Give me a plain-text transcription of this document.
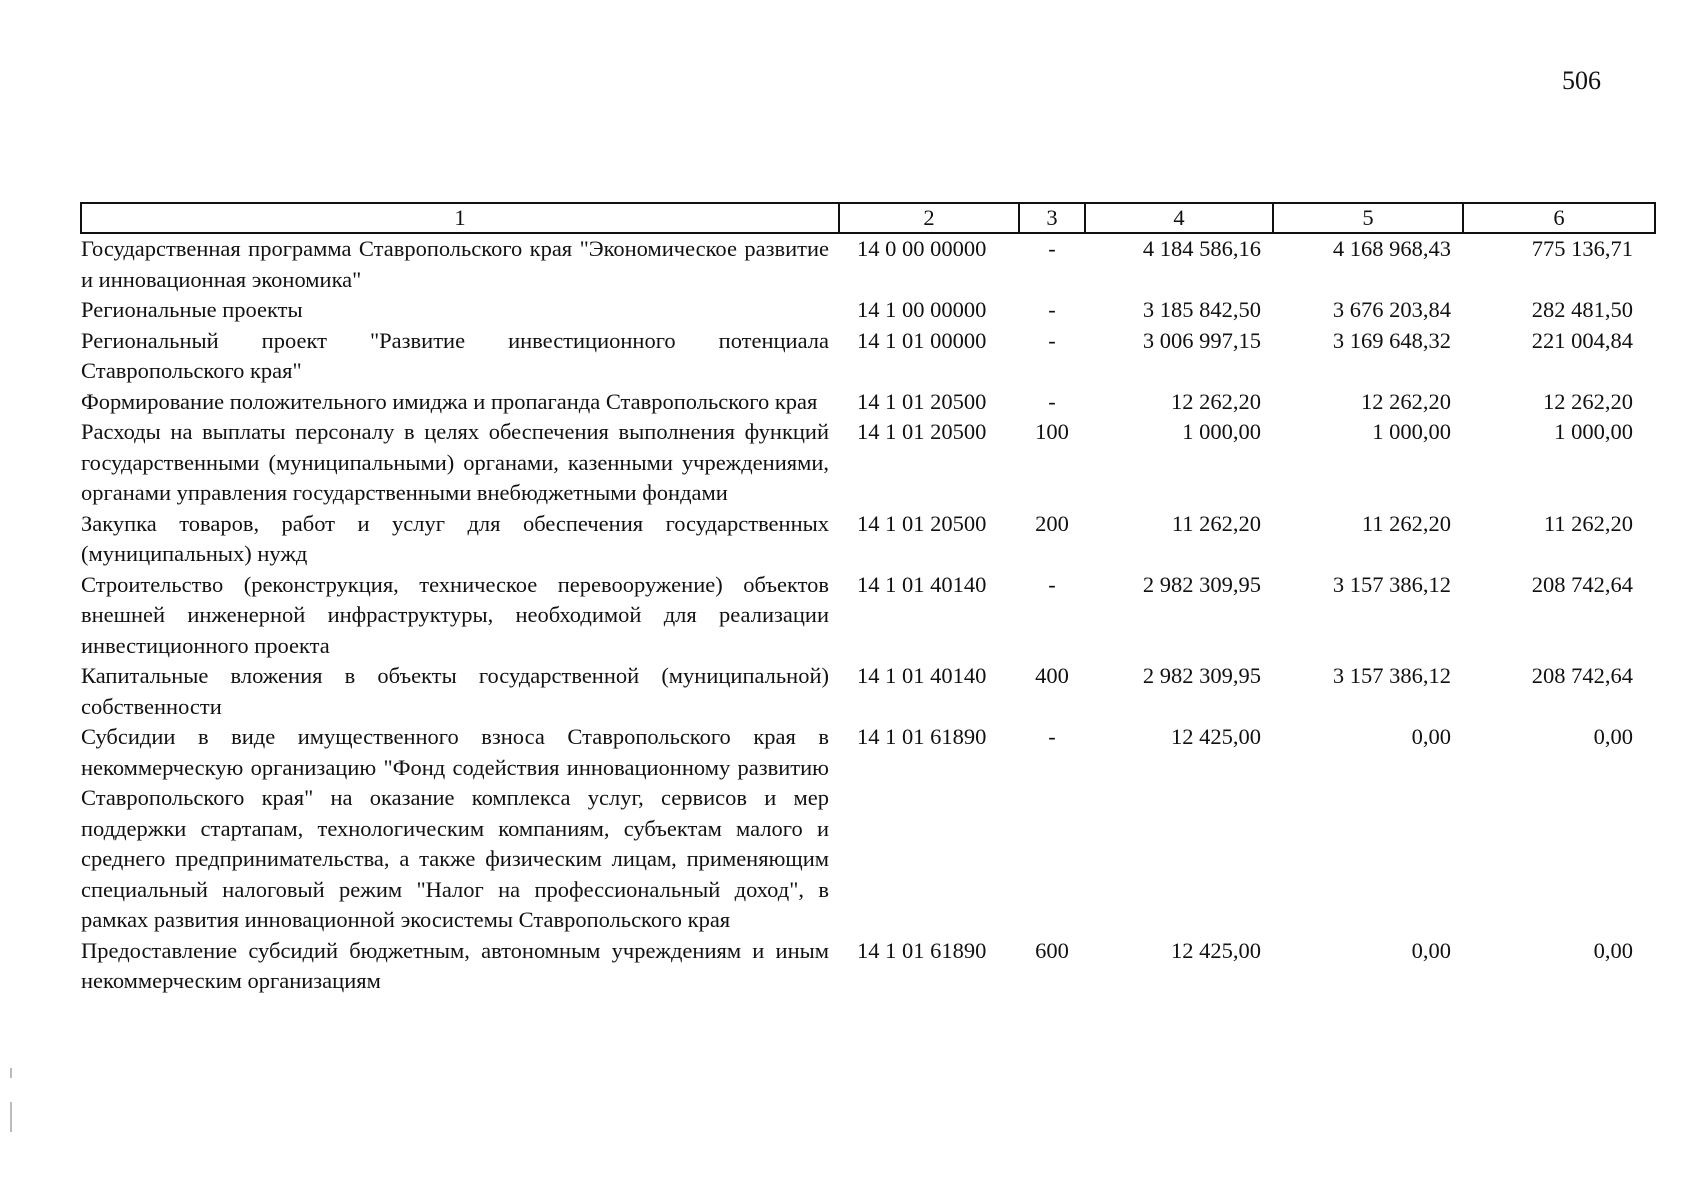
506
1	2	3	4	5	6
Государственная программа Ставропольского края "Экономическое развитие и инновационная экономика"	14 0 00 00000	-	4 184 586,16	4 168 968,43	775 136,71
Региональные проекты	14 1 00 00000	-	3 185 842,50	3 676 203,84	282 481,50
Региональный проект "Развитие инвестиционного потенциала Ставропольского края"	14 1 01 00000	-	3 006 997,15	3 169 648,32	221 004,84
Формирование положительного имиджа и пропаганда Ставропольского края	14 1 01 20500	-	12 262,20	12 262,20	12 262,20
Расходы на выплаты персоналу в целях обеспечения выполнения функций государственными (муниципальными) органами, казенными учреждениями, органами управления государственными внебюджетными фондами	14 1 01 20500	100	1 000,00	1 000,00	1 000,00
Закупка товаров, работ и услуг для обеспечения государственных (муниципальных) нужд	14 1 01 20500	200	11 262,20	11 262,20	11 262,20
Строительство (реконструкция, техническое перевооружение) объектов внешней инженерной инфраструктуры, необходимой для реализации инвестиционного проекта	14 1 01 40140	-	2 982 309,95	3 157 386,12	208 742,64
Капитальные вложения в объекты государственной (муниципальной) собственности	14 1 01 40140	400	2 982 309,95	3 157 386,12	208 742,64
Субсидии в виде имущественного взноса Ставропольского края в некоммерческую организацию "Фонд содействия инновационному развитию Ставропольского края" на оказание комплекса услуг, сервисов и мер поддержки стартапам, технологическим компаниям, субъектам малого и среднего предпринимательства, а также физическим лицам, применяющим специальный налоговый режим "Налог на профессиональный доход", в рамках развития инновационной экосистемы Ставропольского края	14 1 01 61890	-	12 425,00	0,00	0,00
Предоставление субсидий бюджетным, автономным учреждениям и иным некоммерческим организациям	14 1 01 61890	600	12 425,00	0,00	0,00
